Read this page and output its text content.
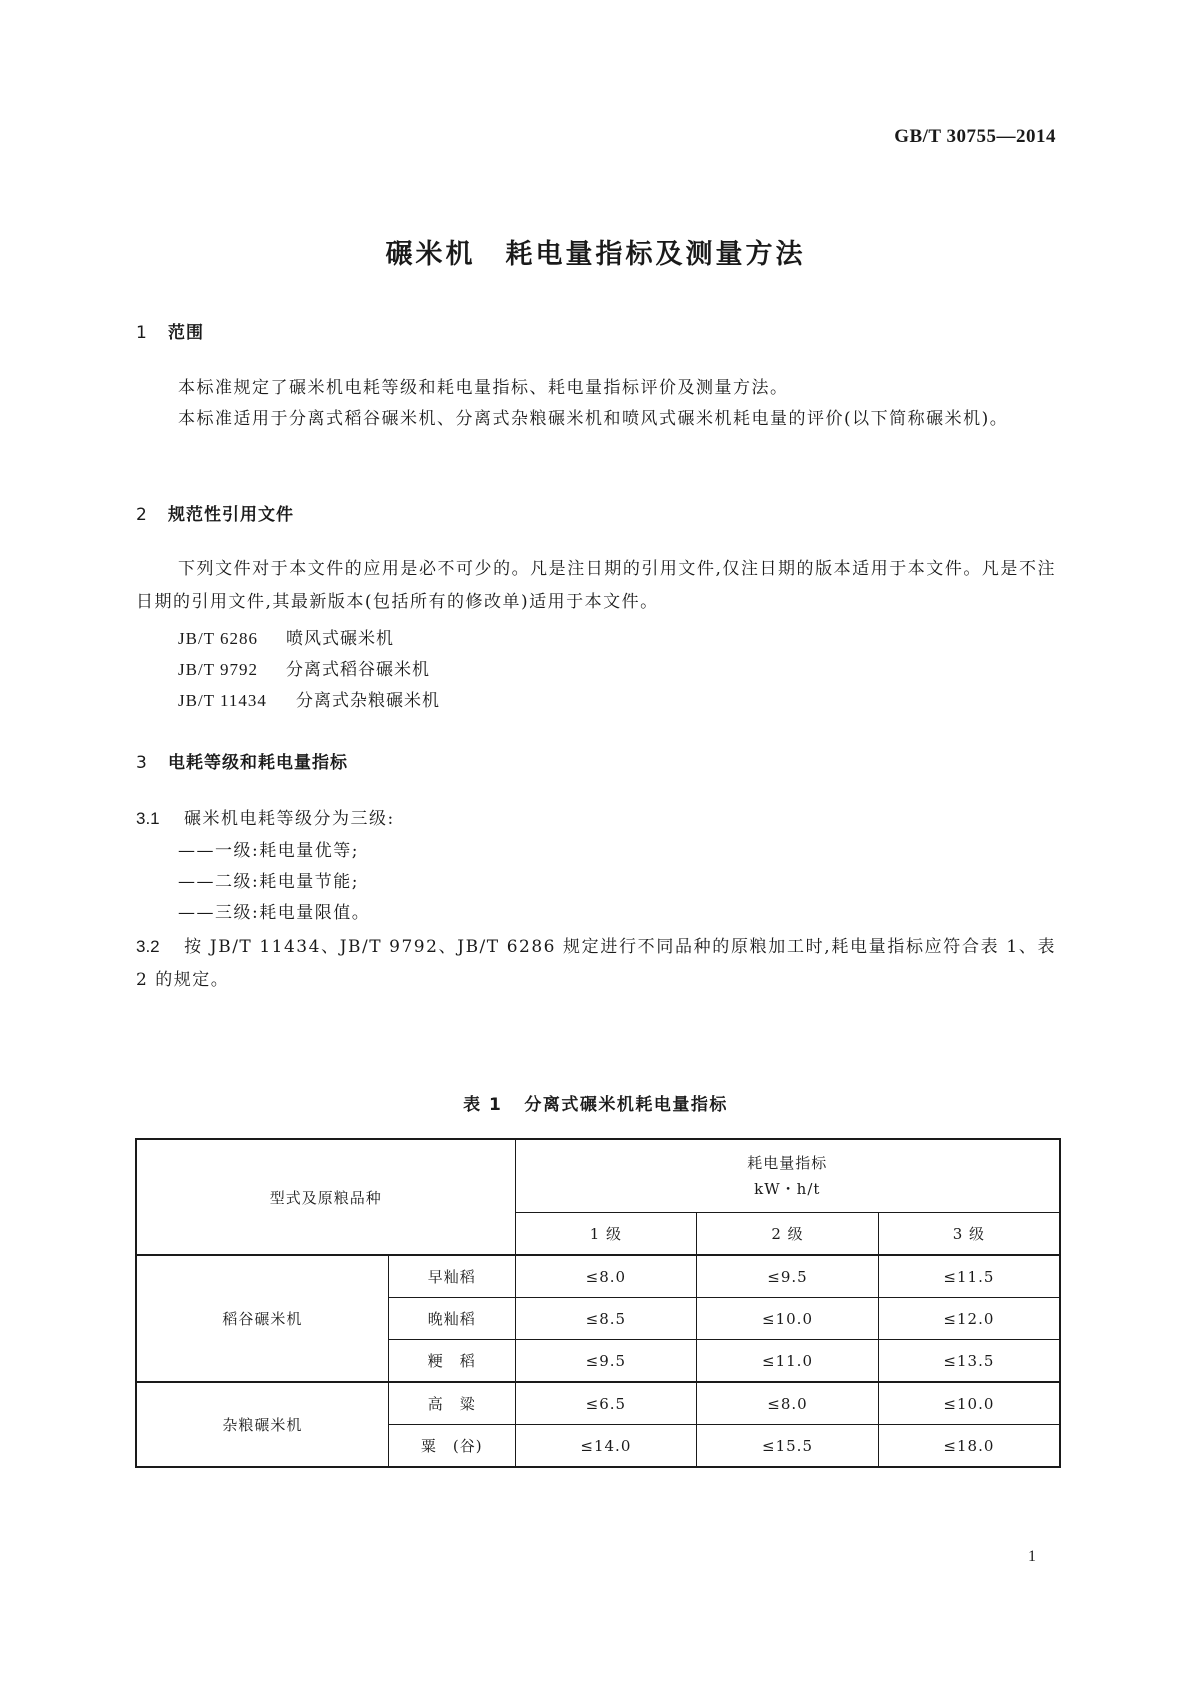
GB/T 30755—2014
碾米机　耗电量指标及测量方法
1 范围
本标准规定了碾米机电耗等级和耗电量指标、耗电量指标评价及测量方法。
本标准适用于分离式稻谷碾米机、分离式杂粮碾米机和喷风式碾米机耗电量的评价(以下简称碾米机)。
2 规范性引用文件
下列文件对于本文件的应用是必不可少的。凡是注日期的引用文件,仅注日期的版本适用于本文件。凡是不注日期的引用文件,其最新版本(包括所有的修改单)适用于本文件。
JB/T 6286 喷风式碾米机
JB/T 9792 分离式稻谷碾米机
JB/T 11434 分离式杂粮碾米机
3 电耗等级和耗电量指标
3.1 碾米机电耗等级分为三级:
——一级:耗电量优等;
——二级:耗电量节能;
——三级:耗电量限值。
3.2 按 JB/T 11434、JB/T 9792、JB/T 6286 规定进行不同品种的原粮加工时,耗电量指标应符合表 1、表 2 的规定。
表 1 分离式碾米机耗电量指标
型式及原粮品种		耗电量指标
kW・h/t		

		1 级	2 级	3 级
稻谷碾米机	早籼稻	≤8.0	≤9.5	≤11.5
	晚籼稻	≤8.5	≤10.0	≤12.0
	粳　稻	≤9.5	≤11.0	≤13.5
杂粮碾米机	高　粱	≤6.5	≤8.0	≤10.0
	粟　(谷)	≤14.0	≤15.5	≤18.0
1
